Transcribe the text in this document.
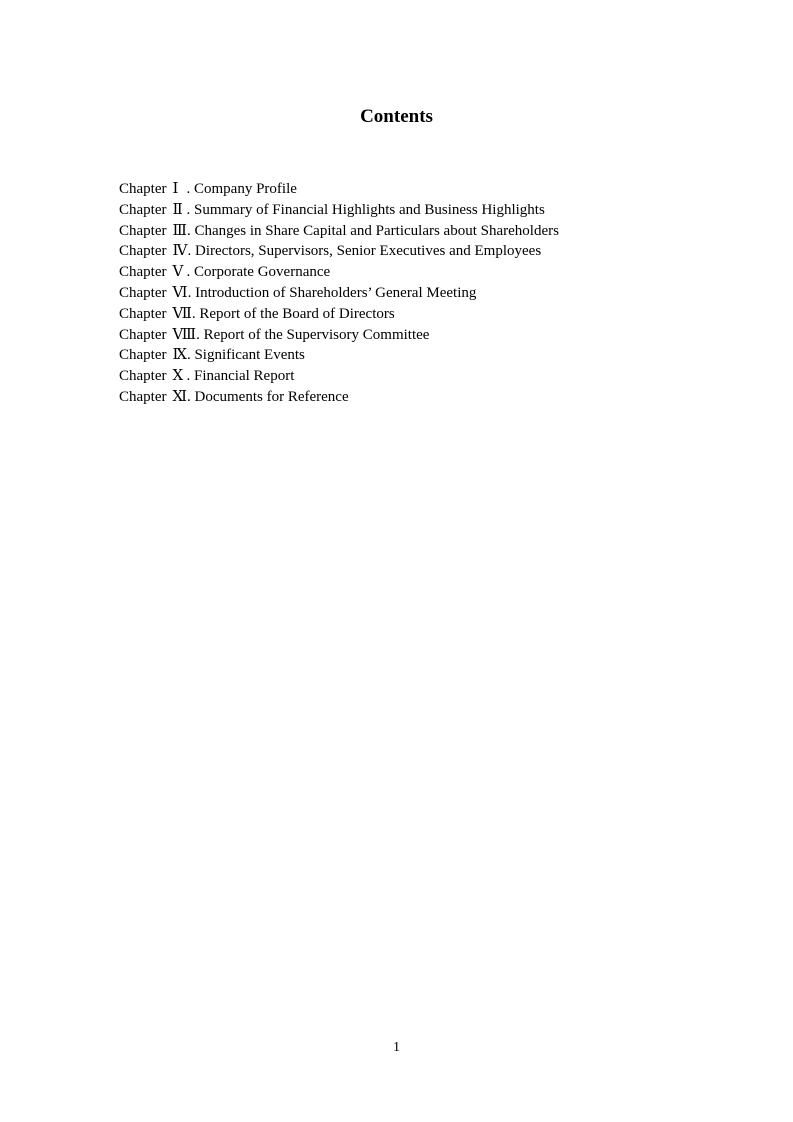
Contents
Chapter Ⅰ . Company Profile
Chapter Ⅱ . Summary of Financial Highlights and Business Highlights
Chapter Ⅲ. Changes in Share Capital and Particulars about Shareholders
Chapter Ⅳ. Directors, Supervisors, Senior Executives and Employees
Chapter Ⅴ . Corporate Governance
Chapter Ⅵ. Introduction of Shareholders’ General Meeting
Chapter Ⅶ. Report of the Board of Directors
Chapter Ⅷ. Report of the Supervisory Committee
Chapter Ⅸ. Significant Events
Chapter Ⅹ . Financial Report
Chapter Ⅺ. Documents for Reference
1
